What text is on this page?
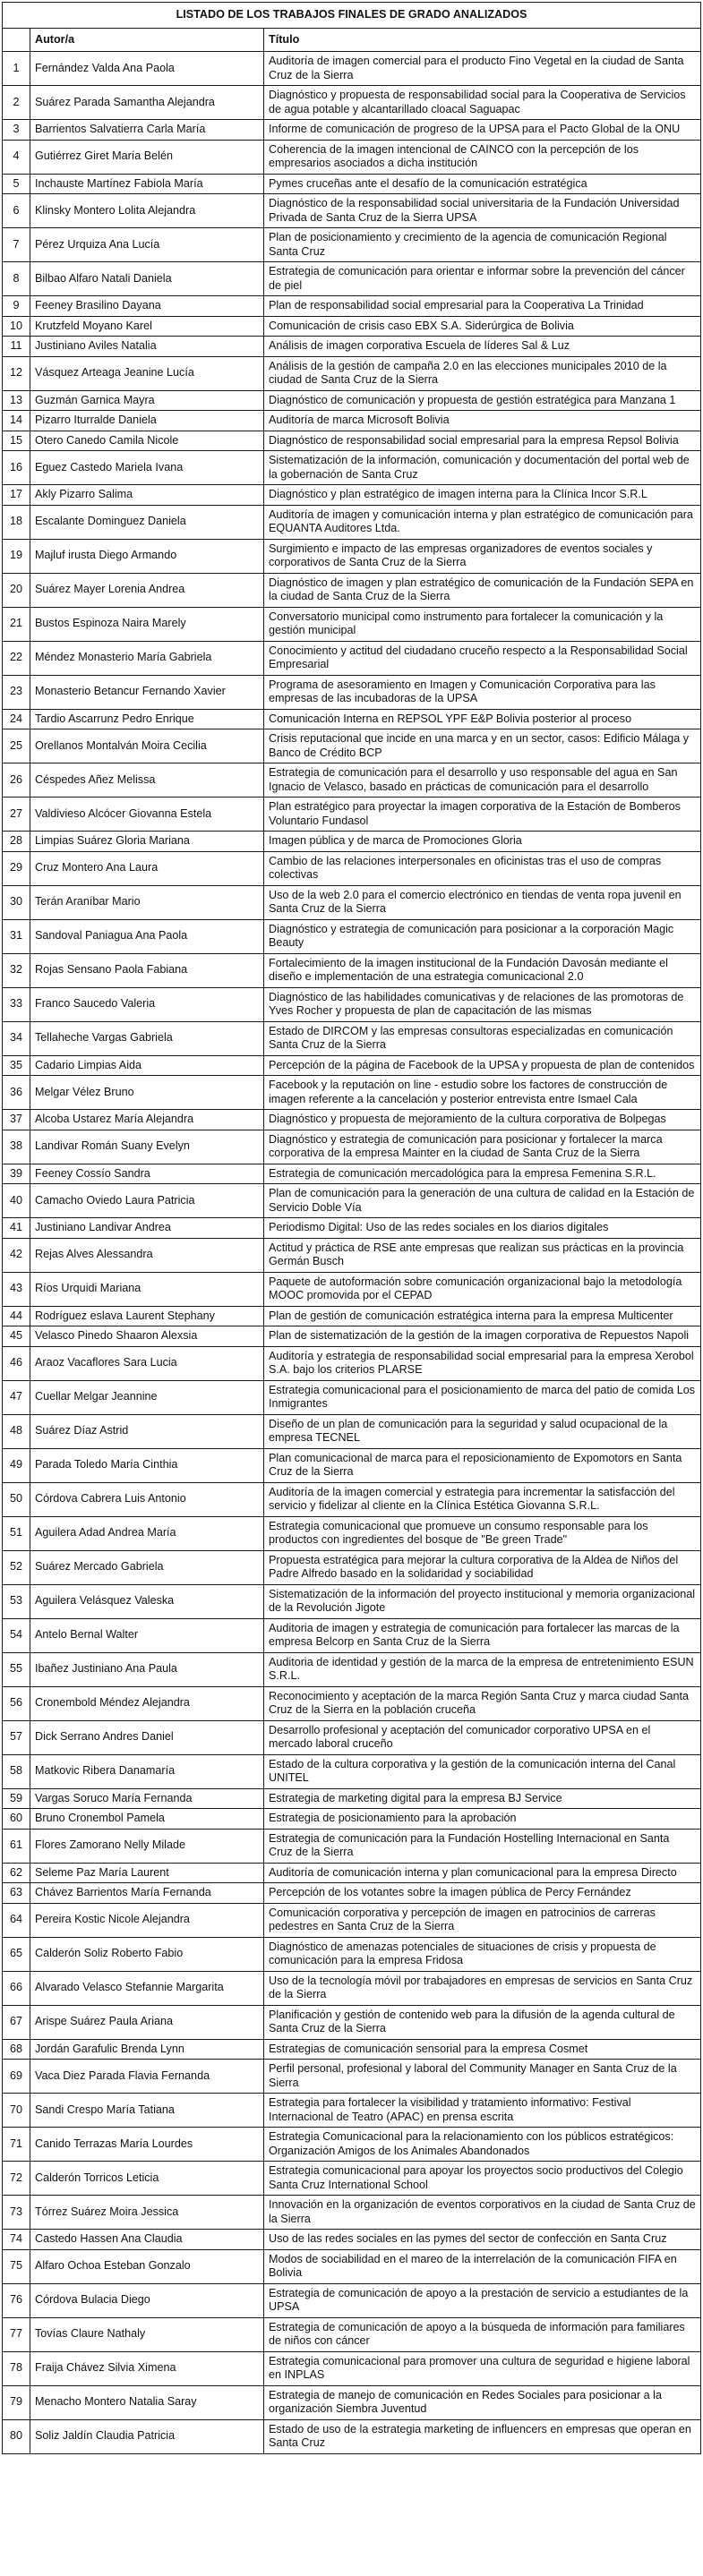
LISTADO DE LOS TRABAJOS FINALES DE GRADO ANALIZADOS		
	Autor/a	Título
1	Fernández Valda Ana Paola	Auditoría de imagen comercial para el producto Fino Vegetal en la ciudad de Santa Cruz de la Sierra
2	Suárez Parada Samantha Alejandra	Diagnóstico y propuesta de responsabilidad social para la Cooperativa de Servicios de agua potable y alcantarillado cloacal Saguapac
3	Barrientos Salvatierra Carla María	Informe de comunicación de progreso de la UPSA para el Pacto Global de la ONU
4	Gutiérrez Giret María Belén	Coherencia de la imagen intencional de CAINCO con la percepción de los empresarios asociados a dicha institución
5	Inchauste Martínez Fabiola María	Pymes cruceñas ante el desafío de la comunicación estratégica
6	Klinsky Montero Lolita Alejandra	Diagnóstico de la responsabilidad social universitaria de la Fundación Universidad Privada de Santa Cruz de la Sierra UPSA
7	Pérez Urquiza Ana Lucía	Plan de posicionamiento y crecimiento de la agencia de comunicación Regional Santa Cruz
8	Bilbao Alfaro Natali Daniela	Estrategia de comunicación para orientar e informar sobre la prevención del cáncer de piel
9	Feeney Brasilino Dayana	Plan de responsabilidad social empresarial para la Cooperativa La Trinidad
10	Krutzfeld Moyano Karel	Comunicación de crisis caso EBX S.A. Siderúrgica de Bolivia
11	Justiniano Aviles Natalia	Análisis de imagen corporativa Escuela de líderes Sal & Luz
12	Vásquez Arteaga Jeanine Lucía	Análisis de la gestión de campaña 2.0 en las elecciones municipales 2010 de la ciudad de Santa Cruz de la Sierra
13	Guzmán Garnica Mayra	Diagnóstico de comunicación y propuesta de gestión estratégica para Manzana 1
14	Pizarro Iturralde Daniela	Auditoría de marca Microsoft Bolivia
15	Otero Canedo Camila Nicole	Diagnóstico de responsabilidad social empresarial para la empresa Repsol Bolivia
16	Eguez Castedo Mariela Ivana	Sistematización de la información, comunicación y documentación del portal web de la gobernación de Santa Cruz
17	Akly Pizarro Salima	Diagnóstico y plan estratégico de imagen interna para la Clínica Incor S.R.L
18	Escalante Dominguez Daniela	Auditoría de imagen y comunicación interna y plan estratégico de comunicación para EQUANTA Auditores Ltda.
19	Majluf irusta Diego Armando	Surgimiento e impacto de las empresas organizadores de eventos sociales y corporativos de Santa Cruz de la Sierra
20	Suárez Mayer Lorenia Andrea	Diagnóstico de imagen y plan estratégico de comunicación de la Fundación SEPA en la ciudad de Santa Cruz de la Sierra
21	Bustos Espinoza Naira Marely	Conversatorio municipal como instrumento para fortalecer la comunicación y la gestión municipal
22	Méndez Monasterio María Gabriela	Conocimiento y actitud del ciudadano cruceño respecto a la Responsabilidad Social Empresarial
23	Monasterio Betancur Fernando Xavier	Programa de asesoramiento en Imagen y Comunicación Corporativa para las empresas de las incubadoras de la UPSA
24	Tardio Ascarrunz Pedro Enrique	Comunicación Interna en REPSOL YPF E&P Bolivia posterior al proceso
25	Orellanos Montalván Moira Cecilia	Crisis reputacional que incide en una marca y en un sector, casos: Edificio Málaga y Banco de Crédito BCP
26	Céspedes Añez Melissa	Estrategia de comunicación para el desarrollo y uso responsable del agua en San Ignacio de Velasco, basado en prácticas de comunicación para el desarrollo
27	Valdivieso Alcócer Giovanna Estela	Plan estratégico para proyectar la imagen corporativa de la Estación de Bomberos Voluntario Fundasol
28	Limpias Suárez Gloria Mariana	Imagen pública y de marca de Promociones Gloria
29	Cruz Montero Ana Laura	Cambio de las relaciones interpersonales en oficinistas tras el uso de compras colectivas
30	Terán Araníbar Mario	Uso de la web 2.0 para el comercio electrónico en tiendas de venta ropa juvenil en Santa Cruz de la Sierra
31	Sandoval Paniagua Ana Paola	Diagnóstico y estrategia de comunicación para posicionar a la corporación Magic Beauty
32	Rojas Sensano Paola Fabiana	Fortalecimiento de la imagen institucional de la Fundación Davosán mediante el diseño e implementación de una estrategia comunicacional 2.0
33	Franco Saucedo Valeria	Diagnóstico de las habilidades comunicativas y de relaciones de las promotoras de Yves Rocher y propuesta de plan de capacitación de las mismas
34	Tellaheche Vargas Gabriela	Estado de DIRCOM y las empresas consultoras especializadas en comunicación Santa Cruz de la Sierra
35	Cadario Limpias Aida	Percepción de la página de Facebook de la UPSA y propuesta de plan de contenidos
36	Melgar Vélez Bruno	Facebook y la reputación on line - estudio sobre los factores de construcción de imagen referente a la cancelación y posterior entrevista entre Ismael Cala
37	Alcoba Ustarez María Alejandra	Diagnóstico y propuesta de mejoramiento de la cultura corporativa de Bolpegas
38	Landivar Román Suany Evelyn	Diagnóstico y estrategia de comunicación para posicionar y fortalecer la marca corporativa de la empresa Mainter en la ciudad de Santa Cruz de la Sierra
39	Feeney Cossío Sandra	Estrategia de comunicación mercadológica para la empresa Femenina S.R.L.
40	Camacho Oviedo Laura Patricia	Plan de comunicación para la generación de una cultura de calidad en la Estación de Servicio Doble Vía
41	Justiniano Landivar Andrea	Periodismo Digital: Uso de las redes sociales en los diarios digitales
42	Rejas Alves Alessandra	Actitud y práctica de RSE ante empresas que realizan sus prácticas en la provincia Germán Busch
43	Ríos Urquidi Mariana	Paquete de autoformación sobre comunicación organizacional bajo la metodología MOOC promovida por el CEPAD
44	Rodríguez eslava Laurent Stephany	Plan de gestión de comunicación estratégica interna para la empresa Multicenter
45	Velasco Pinedo Shaaron Alexsia	Plan de sistematización de la gestión de la imagen corporativa de Repuestos Napoli
46	Araoz Vacaflores Sara Lucia	Auditoría y estrategia de responsabilidad social empresarial para la empresa Xerobol S.A. bajo los criterios PLARSE
47	Cuellar Melgar Jeannine	Estrategia comunicacional para el posicionamiento de marca del patio de comida Los Inmigrantes
48	Suárez Díaz Astrid	Diseño de un plan de comunicación para la seguridad y salud ocupacional de la empresa TECNEL
49	Parada Toledo María Cinthia	Plan comunicacional de marca para el reposicionamiento de Expomotors en Santa Cruz de la Sierra
50	Córdova Cabrera Luis Antonio	Auditoría de la imagen comercial y estrategia para incrementar la satisfacción del servicio y fidelizar al cliente en la Clínica Estética Giovanna S.R.L.
51	Aguilera Adad Andrea María	Estrategia comunicacional que promueve un consumo responsable para los productos con ingredientes del bosque de "Be green Trade"
52	Suárez Mercado Gabriela	Propuesta estratégica para mejorar la cultura corporativa de la Aldea de Niños del Padre Alfredo basado en la solidaridad y sociabilidad
53	Aguilera Velásquez Valeska	Sistematización de la información del proyecto institucional y memoria organizacional de la Revolución Jigote
54	Antelo Bernal Walter	Auditoria de imagen y estrategia de comunicación para fortalecer las marcas de la empresa Belcorp en Santa Cruz de la Sierra
55	Ibañez Justiniano Ana Paula	Auditoria de identidad y gestión de la marca de la empresa de entretenimiento ESUN S.R.L.
56	Cronembold Méndez Alejandra	Reconocimiento y aceptación de la marca Región Santa Cruz y marca ciudad Santa Cruz de la Sierra en la población cruceña
57	Dick Serrano Andres Daniel	Desarrollo profesional y aceptación del comunicador corporativo UPSA en el mercado laboral cruceño
58	Matkovic Ribera Danamaría	Estado de la cultura corporativa y la gestión de la comunicación interna del Canal UNITEL
59	Vargas Soruco María Fernanda	Estrategia de marketing digital para la empresa BJ Service
60	Bruno Cronembol Pamela	Estrategia de posicionamiento para la aprobación
61	Flores Zamorano Nelly Milade	Estrategia de comunicación para la Fundación Hostelling Internacional en Santa Cruz de la Sierra
62	Seleme Paz María Laurent	Auditoría de comunicación interna y plan comunicacional para la empresa Directo
63	Chávez Barrientos María Fernanda	Percepción de los votantes sobre la imagen pública de Percy Fernández
64	Pereira Kostic Nicole Alejandra	Comunicación corporativa y percepción de imagen en patrocinios de carreras pedestres en Santa Cruz de la Sierra
65	Calderón Soliz Roberto Fabio	Diagnóstico de amenazas potenciales de situaciones de crisis y propuesta de comunicación para la empresa Fridosa
66	Alvarado Velasco Stefannie Margarita	Uso de la tecnología móvil por trabajadores en empresas de servicios en Santa Cruz de la Sierra
67	Arispe Suárez Paula Ariana	Planificación y gestión de contenido web para la difusión de la agenda cultural de Santa Cruz de la Sierra
68	Jordán Garafulic Brenda Lynn	Estrategias de comunicación sensorial para la empresa Cosmet
69	Vaca Diez Parada Flavia Fernanda	Perfil personal, profesional y laboral del Community Manager en Santa Cruz de la Sierra
70	Sandi Crespo María Tatiana	Estrategia para fortalecer la visibilidad y tratamiento informativo: Festival Internacional de Teatro (APAC) en prensa escrita
71	Canido Terrazas María Lourdes	Estrategia Comunicacional para la relacionamiento con los públicos estratégicos: Organización Amigos de los Animales Abandonados
72	Calderón Torricos Leticia	Estrategia comunicacional para apoyar los proyectos socio productivos del Colegio Santa Cruz International School
73	Tórrez Suárez Moira Jessica	Innovación en la organización de eventos corporativos en la ciudad de Santa Cruz de la Sierra
74	Castedo Hassen Ana Claudia	Uso de las redes sociales en las pymes del sector de confección en Santa Cruz
75	Alfaro Ochoa Esteban Gonzalo	Modos de sociabilidad en el mareo de la interrelación de la comunicación FIFA en Bolivia
76	Córdova Bulacia Diego	Estrategia de comunicación de apoyo a la prestación de servicio a estudiantes de la UPSA
77	Tovías Claure Nathaly	Estrategia de comunicación de apoyo a la búsqueda de información para familiares de niños con cáncer
78	Fraija Chávez Silvia Ximena	Estrategia comunicacional para promover una cultura de seguridad e higiene laboral en INPLAS
79	Menacho Montero Natalia Saray	Estrategia de manejo de comunicación en Redes Sociales para posicionar a la organización Siembra Juventud
80	Soliz Jaldín Claudia Patricia	Estado de uso de la estrategia marketing de influencers en empresas que operan en Santa Cruz
